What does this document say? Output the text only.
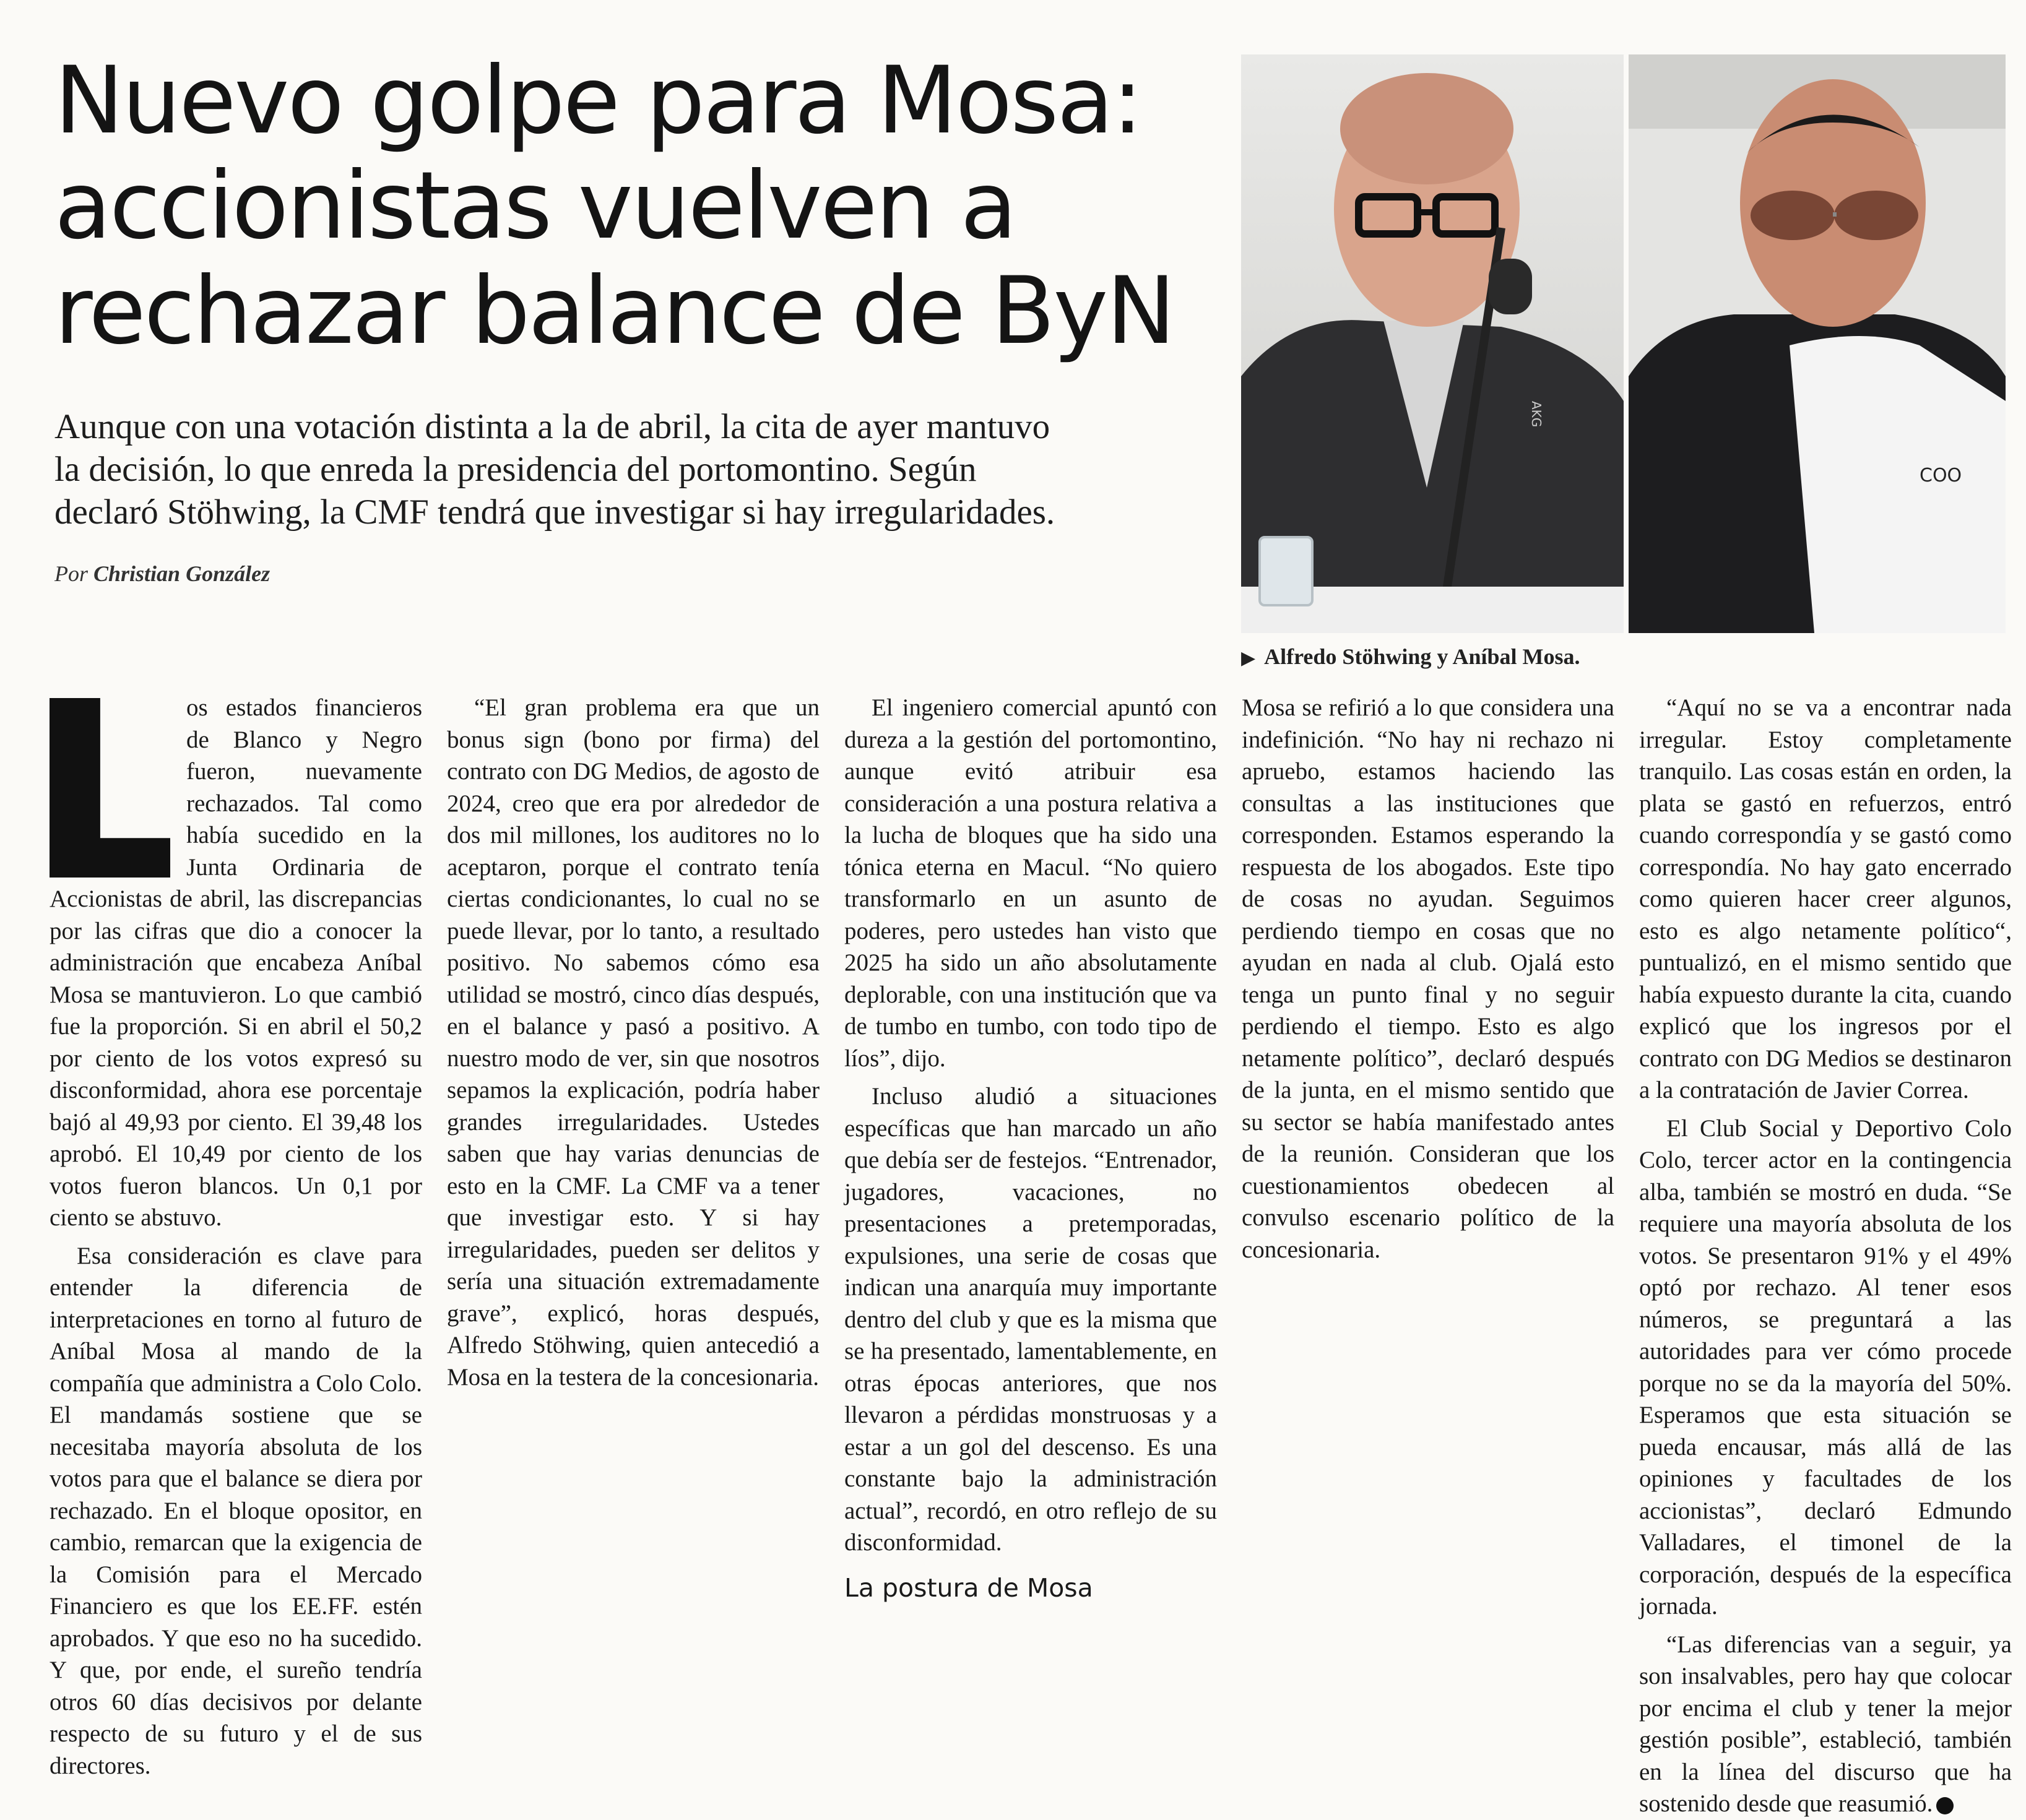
Nuevo golpe para Mosa:
accionistas vuelven a
rechazar balance de ByN
Aunque con una votación distinta a la de abril, la cita de ayer mantuvo
la decisión, lo que enreda la presidencia del portomontino. Según
declaró Stöhwing, la CMF tendrá que investigar si hay irregularidades.
Por Christian González
AKG
COO
▶ Alfredo Stöhwing y Aníbal Mosa.

os estados financieros de Blanco y Negro fueron, nuevamente rechazados. Tal como había sucedido en la Junta Ordinaria de Accionistas de abril, las discrepancias por las cifras que dio a conocer la administración que encabeza Aníbal Mosa se mantuvieron. Lo que cambió fue la proporción. Si en abril el 50,2 por ciento de los votos expresó su disconformidad, ahora ese porcentaje bajó al 49,93 por ciento. El 39,48 los aprobó. El 10,49 por ciento de los votos fueron blancos. Un 0,1 por ciento se abstuvo.

Esa consideración es clave para entender la diferencia de interpretaciones en torno al futuro de Aníbal Mosa al mando de la compañía que administra a Colo Colo. El mandamás sostiene que se necesitaba mayoría absoluta de los votos para que el balance se diera por rechazado. En el bloque opositor, en cambio, remarcan que la exigencia de la Comisión para el Mercado Financiero es que los EE.FF. estén aprobados. Y que eso no ha sucedido. Y que, por ende, el sureño tendría otros 60 días decisivos por delante respecto de su futuro y el de sus directores.

“El gran problema era que un bonus sign (bono por firma) del contrato con DG Medios, de agosto de 2024, creo que era por alrededor de dos mil millones, los auditores no lo aceptaron, porque el contrato tenía ciertas condicionantes, lo cual no se puede llevar, por lo tanto, a resultado positivo. No sabemos cómo esa utilidad se mostró, cinco días después, en el balance y pasó a positivo. A nuestro modo de ver, sin que nosotros sepamos la explicación, podría haber grandes irregularidades. Ustedes saben que hay varias denuncias de esto en la CMF. La CMF va a tener que investigar esto. Y si hay irregularidades, pueden ser delitos y sería una situación extremadamente grave”, explicó, horas después, Alfredo Stöhwing, quien antecedió a Mosa en la testera de la concesionaria.

El ingeniero comercial apuntó con dureza a la gestión del portomontino, aunque evitó atribuir esa consideración a una postura relativa a la lucha de bloques que ha sido una tónica eterna en Macul. “No quiero transformarlo en un asunto de poderes, pero ustedes han visto que 2025 ha sido un año absolutamente deplorable, con una institución que va de tumbo en tumbo, con todo tipo de líos”, dijo.

Incluso aludió a situaciones específicas que han marcado un año que debía ser de festejos. “Entrenador, jugadores, vacaciones, no presentaciones a pretemporadas, expulsiones, una serie de cosas que indican una anarquía muy importante dentro del club y que es la misma que se ha presentado, lamentablemente, en otras épocas anteriores, que nos llevaron a pérdidas monstruosas y a estar a un gol del descenso. Es una constante bajo la administración actual”, recordó, en otro reflejo de su disconformidad.

La postura de Mosa

Mosa se refirió a lo que considera una indefinición. “No hay ni rechazo ni apruebo, estamos haciendo las consultas a las instituciones que corresponden. Estamos esperando la respuesta de los abogados. Este tipo de cosas no ayudan. Seguimos perdiendo tiempo en cosas que no ayudan en nada al club. Ojalá esto tenga un punto final y no seguir perdiendo el tiempo. Esto es algo netamente político”, declaró después de la junta, en el mismo sentido que su sector se había manifestado antes de la reunión. Consideran que los cuestionamientos obedecen al convulso escenario político de la concesionaria.

“Aquí no se va a encontrar nada irregular. Estoy completamente tranquilo. Las cosas están en orden, la plata se gastó en refuerzos, entró cuando correspondía y se gastó como correspondía. No hay gato encerrado como quieren hacer creer algunos, esto es algo netamente político“, puntualizó, en el mismo sentido que había expuesto durante la cita, cuando explicó que los ingresos por el contrato con DG Medios se destinaron a la contratación de Javier Correa.

El Club Social y Deportivo Colo Colo, tercer actor en la contingencia alba, también se mostró en duda. “Se requiere una mayoría absoluta de los votos. Se presentaron 91% y el 49% optó por rechazo. Al tener esos números, se preguntará a las autoridades para ver cómo procede porque no se da la mayoría del 50%. Esperamos que esta situación se pueda encausar, más allá de las opiniones y facultades de los accionistas”, declaró Edmundo Valladares, el timonel de la corporación, después de la específica jornada.

“Las diferencias van a seguir, ya son insalvables, pero hay que colocar por encima el club y tener la mejor gestión posible”, estableció, también en la línea del discurso que ha sostenido desde que reasumió.
